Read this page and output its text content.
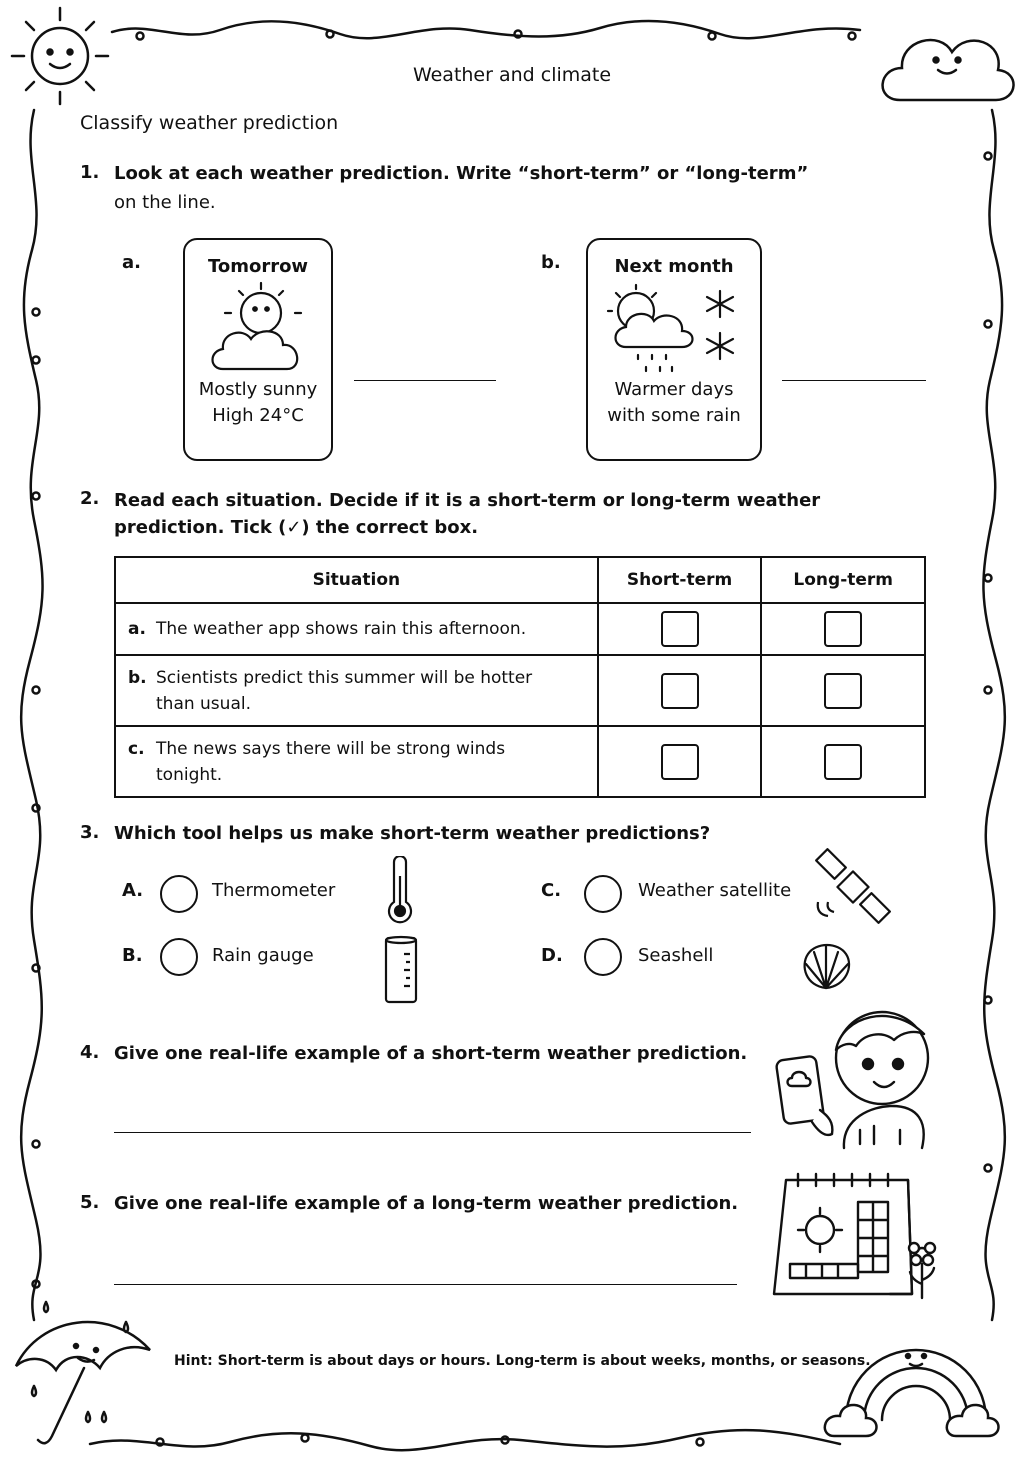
Weather and climate
Classify weather prediction
1. Look at each weather prediction. Write “short-term” or “long-term”
on the line.
a.	Tomorrow
Mostly sunny
High 24°C
b.	Next month
Warmer days
with some rain
2. Read each situation. Decide if it is a short-term or long-term weather
prediction. Tick (✓) the correct box.
Situation	Short-term	Long-term
a. The weather app shows rain this afternoon.	

b. Scientists predict this summer will be hotter
than usual.	

c. The news says there will be strong winds
tonight.	

3. Which tool helps us make short-term weather predictions?
A.	Thermometer
B.	Rain gauge
C.	Weather satellite
D.	Seashell
4. Give one real-life example of a short-term weather prediction.
5. Give one real-life example of a long-term weather prediction.
Hint: Short-term is about days or hours. Long-term is about weeks, months, or seasons.
